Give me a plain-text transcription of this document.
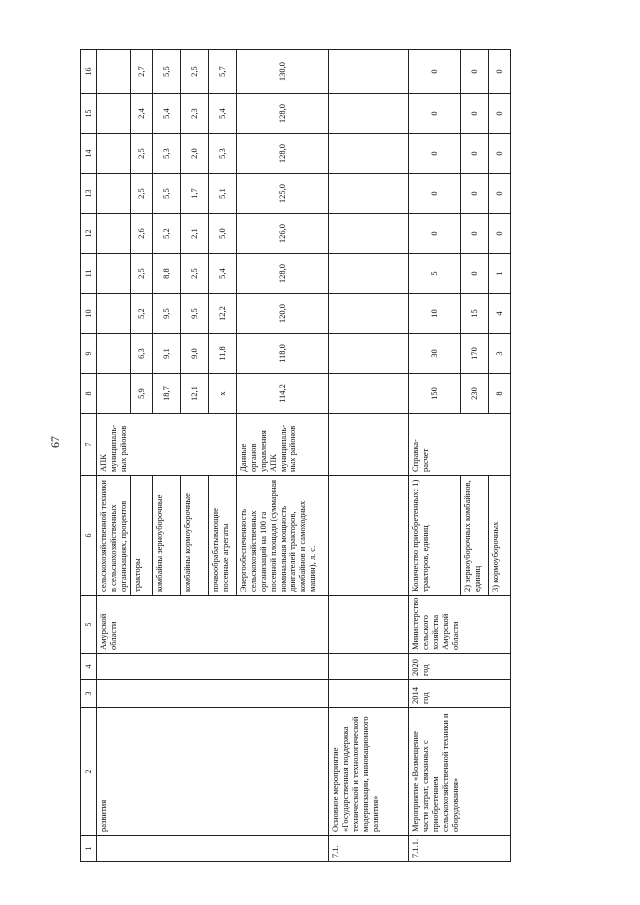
67
1	2	3	4	5	6	7	8	9	10	11	12	13	14	15	16
	развития			Амурской области	сельскохозяйственной техники в сельскохозяйственных организациях, процентов	АПК муниципаль-ных районов									
					тракторы		5,9	6,3	5,2	2,5	2,6	2,5	2,5	2,4	2,7
					комбайны зерноуборочные		18,7	9,1	9,5	8,8	5,2	5,5	5,3	5,4	5,5
					комбайны кормоуборочные		12,1	9,0	9,5	2,5	2,1	1,7	2,0	2,3	2,5
					почвообрабатывающие посевные агрегаты		х	11,8	12,2	5,4	5,0	5,1	5,3	5,4	5,7
					Энергообеспеченность сельскохозяйственных организаций на 100 га посевной площади (суммарная номинальная мощность двигателей тракторов, комбайнов и самоходных машин), л. с.	Данные органов управления АПК муниципаль-ных районов	114,2	118,0	120,0	128,0	126,0	125,0	128,0	128,0	130,0
7.1.	Основное мероприятие «Государственная поддержка технической и технологической модернизации, инновационного развития»														
7.1.1.	Мероприятие «Возмещение части затрат, связанных с приобретением сельскохозяйственной техники и оборудования»	2014 год	2020 год	Министерство сельского хозяйства Амурской области	Количество приобретенных: 1) тракторов, единиц	Справка-расчет	150	30	10	5	0	0	0	0	0
					2) зерноуборочных комбайнов, единиц		230	170	15	0	0	0	0	0	0
					3) кормоуборочных		8	3	4	1	0	0	0	0	0
